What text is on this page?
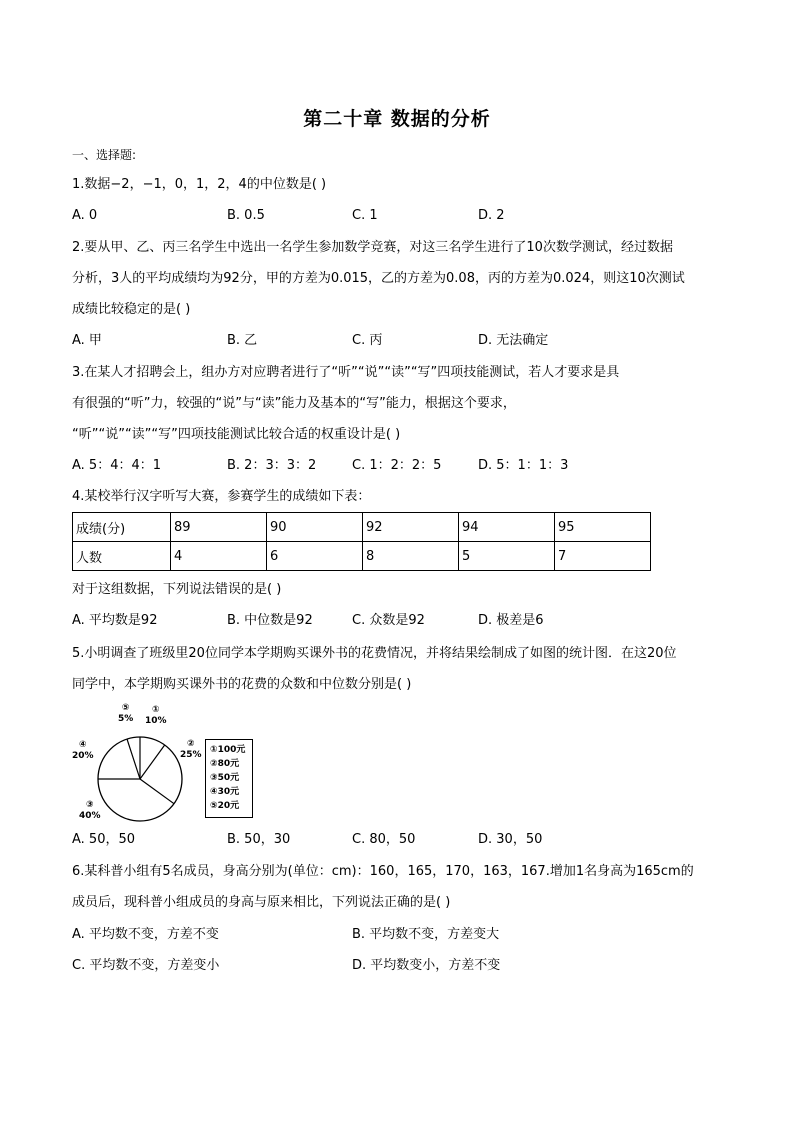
第二十章 数据的分析
一、选择题:
1.数据−2，−1，0，1，2，4的中位数是( )
A. 0	B. 0.5	C. 1	D. 2
2.要从甲、乙、丙三名学生中选出一名学生参加数学竞赛，对这三名学生进行了10次数学测试，经过数据
分析，3人的平均成绩均为92分，甲的方差为0.015，乙的方差为0.08，丙的方差为0.024，则这10次测试
成绩比较稳定的是( )
A. 甲	B. 乙	C. 丙	D. 无法确定
3.在某人才招聘会上，组办方对应聘者进行了“听”“说”“读”“写”四项技能测试，若人才要求是具
有很强的“听”力，较强的“说”与“读”能力及基本的“写”能力，根据这个要求，
“听”“说”“读”“写”四项技能测试比较合适的权重设计是( )
A. 5：4：4：1	B. 2：3：3：2	C. 1：2：2：5	D. 5：1：1：3
4.某校举行汉字听写大赛，参赛学生的成绩如下表：
成绩(分)	89	90	92	94	95
人数	4	6	8	5	7
对于这组数据，下列说法错误的是( )
A. 平均数是92	B. 中位数是92	C. 众数是92	D. 极差是6
5.小明调查了班级里20位同学本学期购买课外书的花费情况，并将结果绘制成了如图的统计图．在这20位
同学中，本学期购买课外书的花费的众数和中位数分别是( )
⑤
5%
①
10%
②
25%
④
20%
③
40%
①100元
②80元
③50元
④30元
⑤20元
A. 50，50	B. 50，30	C. 80，50	D. 30，50
6.某科普小组有5名成员，身高分别为(单位：cm)：160，165，170，163，167.增加1名身高为165cm的
成员后，现科普小组成员的身高与原来相比，下列说法正确的是( )
A. 平均数不变，方差不变	B. 平均数不变，方差变大
C. 平均数不变，方差变小	D. 平均数变小，方差不变
